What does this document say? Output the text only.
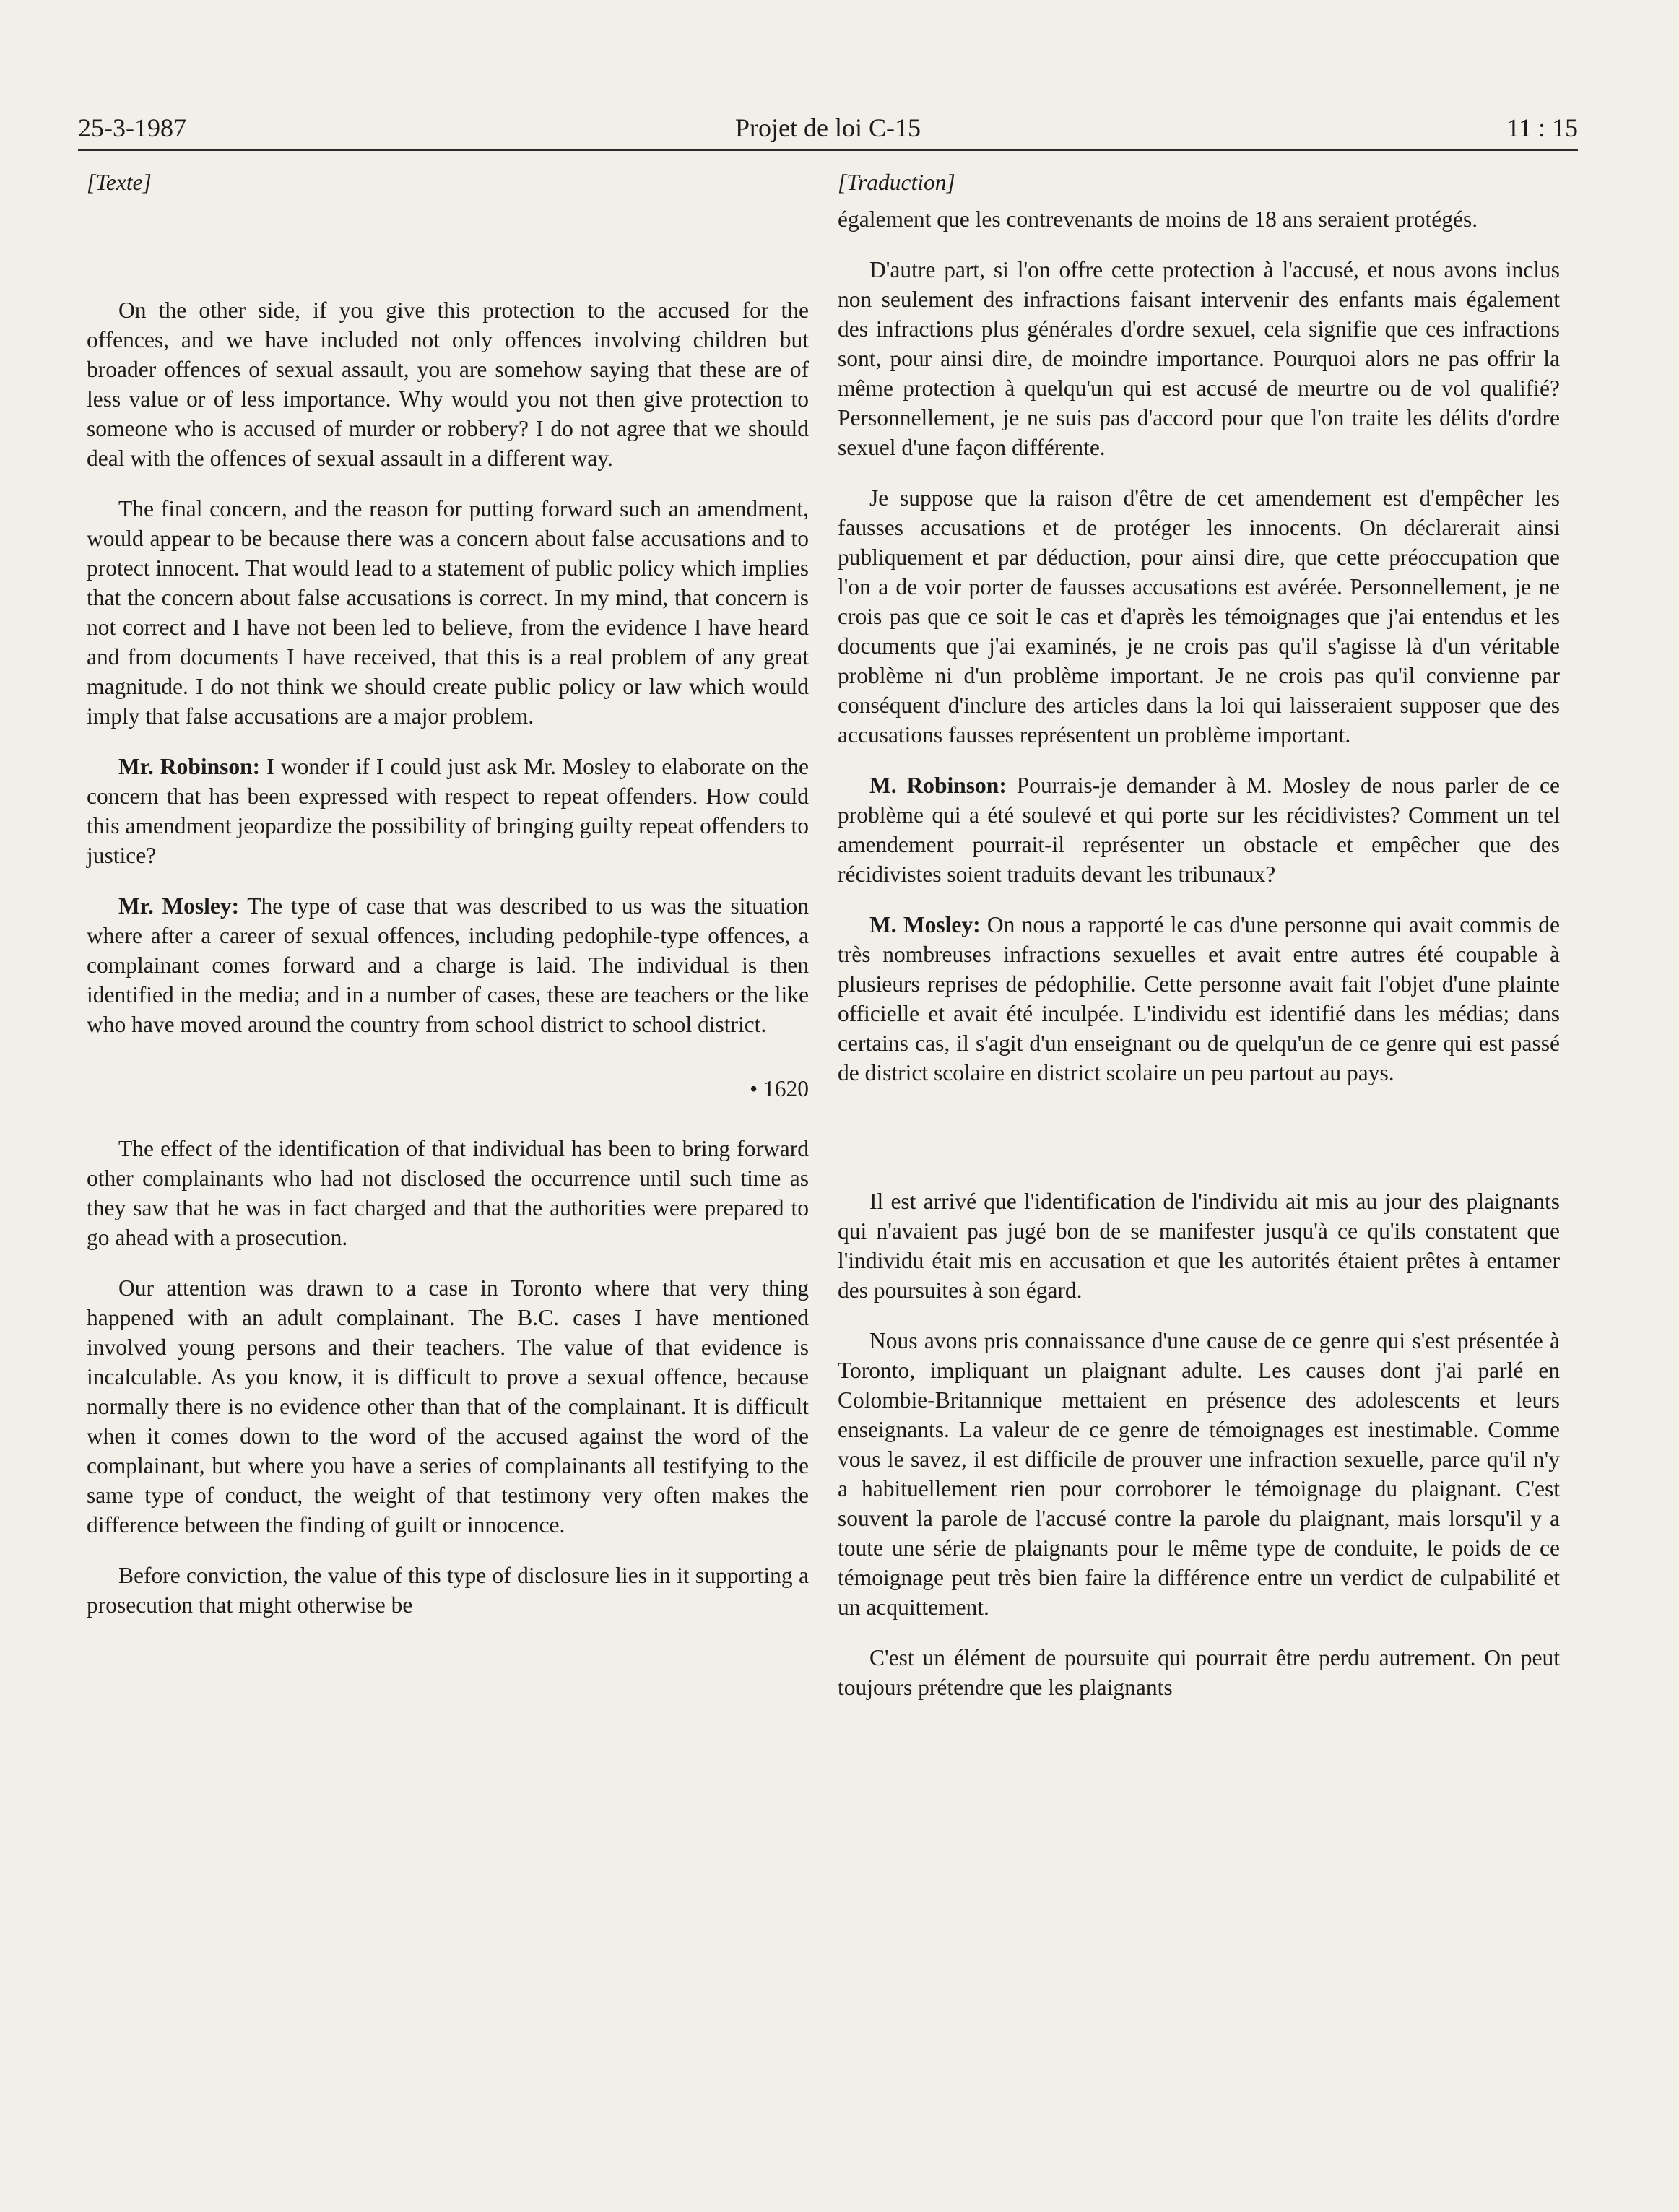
25-3-1987	Projet de loi C-15	11 : 15
[Texte]

On the other side, if you give this protection to the accused for the offences, and we have included not only offences involving children but broader offences of sexual assault, you are somehow saying that these are of less value or of less importance. Why would you not then give protection to someone who is accused of murder or robbery? I do not agree that we should deal with the offences of sexual assault in a different way.

The final concern, and the reason for putting forward such an amendment, would appear to be because there was a concern about false accusations and to protect innocent. That would lead to a statement of public policy which implies that the concern about false accusations is correct. In my mind, that concern is not correct and I have not been led to believe, from the evidence I have heard and from documents I have received, that this is a real problem of any great magnitude. I do not think we should create public policy or law which would imply that false accusations are a major problem.

Mr. Robinson: I wonder if I could just ask Mr. Mosley to elaborate on the concern that has been expressed with respect to repeat offenders. How could this amendment jeopardize the possibility of bringing guilty repeat offenders to justice?

Mr. Mosley: The type of case that was described to us was the situation where after a career of sexual offences, including pedophile-type offences, a complainant comes forward and a charge is laid. The individual is then identified in the media; and in a number of cases, these are teachers or the like who have moved around the country from school district to school district.

• 1620

The effect of the identification of that individual has been to bring forward other complainants who had not disclosed the occurrence until such time as they saw that he was in fact charged and that the authorities were prepared to go ahead with a prosecution.

Our attention was drawn to a case in Toronto where that very thing happened with an adult complainant. The B.C. cases I have mentioned involved young persons and their teachers. The value of that evidence is incalculable. As you know, it is difficult to prove a sexual offence, because normally there is no evidence other than that of the complainant. It is difficult when it comes down to the word of the accused against the word of the complainant, but where you have a series of complainants all testifying to the same type of conduct, the weight of that testimony very often makes the difference between the finding of guilt or innocence.

Before conviction, the value of this type of disclosure lies in it supporting a prosecution that might otherwise be

[Traduction]

également que les contrevenants de moins de 18 ans seraient protégés.

D'autre part, si l'on offre cette protection à l'accusé, et nous avons inclus non seulement des infractions faisant intervenir des enfants mais également des infractions plus générales d'ordre sexuel, cela signifie que ces infractions sont, pour ainsi dire, de moindre importance. Pourquoi alors ne pas offrir la même protection à quelqu'un qui est accusé de meurtre ou de vol qualifié? Personnellement, je ne suis pas d'accord pour que l'on traite les délits d'ordre sexuel d'une façon différente.

Je suppose que la raison d'être de cet amendement est d'empêcher les fausses accusations et de protéger les innocents. On déclarerait ainsi publiquement et par déduction, pour ainsi dire, que cette préoccupation que l'on a de voir porter de fausses accusations est avérée. Personnellement, je ne crois pas que ce soit le cas et d'après les témoignages que j'ai entendus et les documents que j'ai examinés, je ne crois pas qu'il s'agisse là d'un véritable problème ni d'un problème important. Je ne crois pas qu'il convienne par conséquent d'inclure des articles dans la loi qui laisseraient supposer que des accusations fausses représentent un problème important.

M. Robinson: Pourrais-je demander à M. Mosley de nous parler de ce problème qui a été soulevé et qui porte sur les récidivistes? Comment un tel amendement pourrait-il représenter un obstacle et empêcher que des récidivistes soient traduits devant les tribunaux?

M. Mosley: On nous a rapporté le cas d'une personne qui avait commis de très nombreuses infractions sexuelles et avait entre autres été coupable à plusieurs reprises de pédophilie. Cette personne avait fait l'objet d'une plainte officielle et avait été inculpée. L'individu est identifié dans les médias; dans certains cas, il s'agit d'un enseignant ou de quelqu'un de ce genre qui est passé de district scolaire en district scolaire un peu partout au pays.

Il est arrivé que l'identification de l'individu ait mis au jour des plaignants qui n'avaient pas jugé bon de se manifester jusqu'à ce qu'ils constatent que l'individu était mis en accusation et que les autorités étaient prêtes à entamer des poursuites à son égard.

Nous avons pris connaissance d'une cause de ce genre qui s'est présentée à Toronto, impliquant un plaignant adulte. Les causes dont j'ai parlé en Colombie-Britannique mettaient en présence des adolescents et leurs enseignants. La valeur de ce genre de témoignages est inestimable. Comme vous le savez, il est difficile de prouver une infraction sexuelle, parce qu'il n'y a habituellement rien pour corroborer le témoignage du plaignant. C'est souvent la parole de l'accusé contre la parole du plaignant, mais lorsqu'il y a toute une série de plaignants pour le même type de conduite, le poids de ce témoignage peut très bien faire la différence entre un verdict de culpabilité et un acquittement.

C'est un élément de poursuite qui pourrait être perdu autrement. On peut toujours prétendre que les plaignants
